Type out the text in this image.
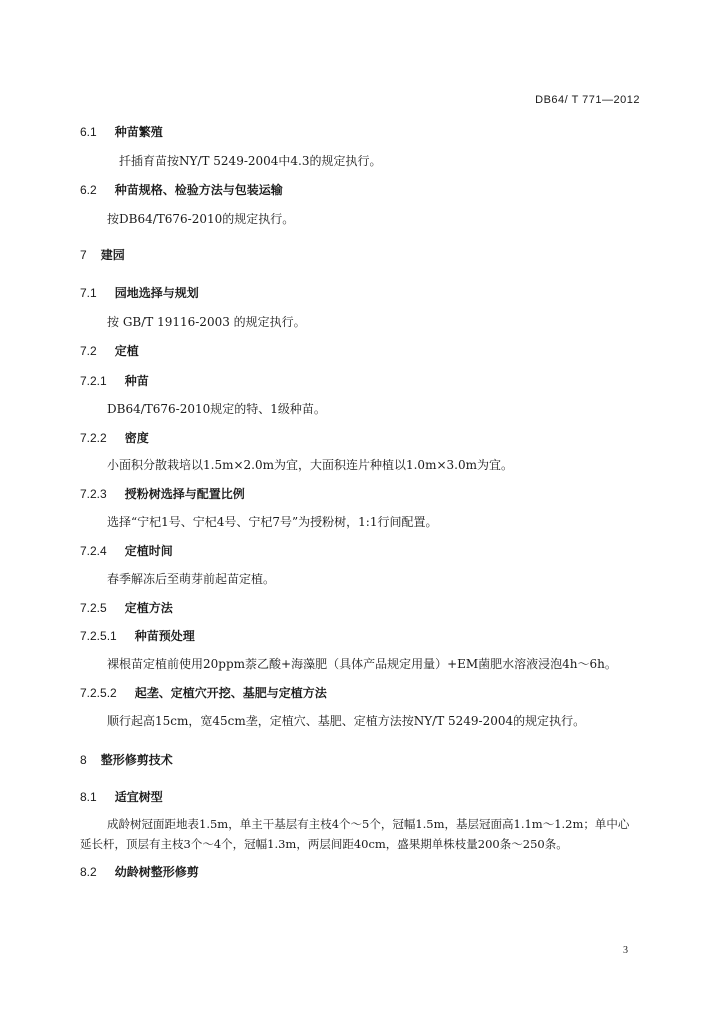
DB64/ T 771—2012
6.1 种苗繁殖
扦插育苗按NY/T 5249-2004中4.3的规定执行。
6.2 种苗规格、检验方法与包装运输
按DB64/T676-2010的规定执行。
7 建园
7.1 园地选择与规划
按 GB/T 19116-2003 的规定执行。
7.2 定植
7.2.1 种苗
DB64/T676-2010规定的特、1级种苗。
7.2.2 密度
小面积分散栽培以1.5m×2.0m为宜，大面积连片种植以1.0m×3.0m为宜。
7.2.3 授粉树选择与配置比例
选择“宁杞1号、宁杞4号、宁杞7号”为授粉树，1:1行间配置。
7.2.4 定植时间
春季解冻后至萌芽前起苗定植。
7.2.5 定植方法
7.2.5.1 种苗预处理
裸根苗定植前使用20ppm萘乙酸+海藻肥（具体产品规定用量）+EM菌肥水溶液浸泡4h～6h。
7.2.5.2 起垄、定植穴开挖、基肥与定植方法
顺行起高15cm，宽45cm垄，定植穴、基肥、定植方法按NY/T 5249-2004的规定执行。
8 整形修剪技术
8.1 适宜树型
成龄树冠面距地表1.5m，单主干基层有主枝4个～5个，冠幅1.5m，基层冠面高1.1m～1.2m；单中心
延长杆，顶层有主枝3个～4个，冠幅1.3m，两层间距40cm，盛果期单株枝量200条～250条。
8.2 幼龄树整形修剪
3
